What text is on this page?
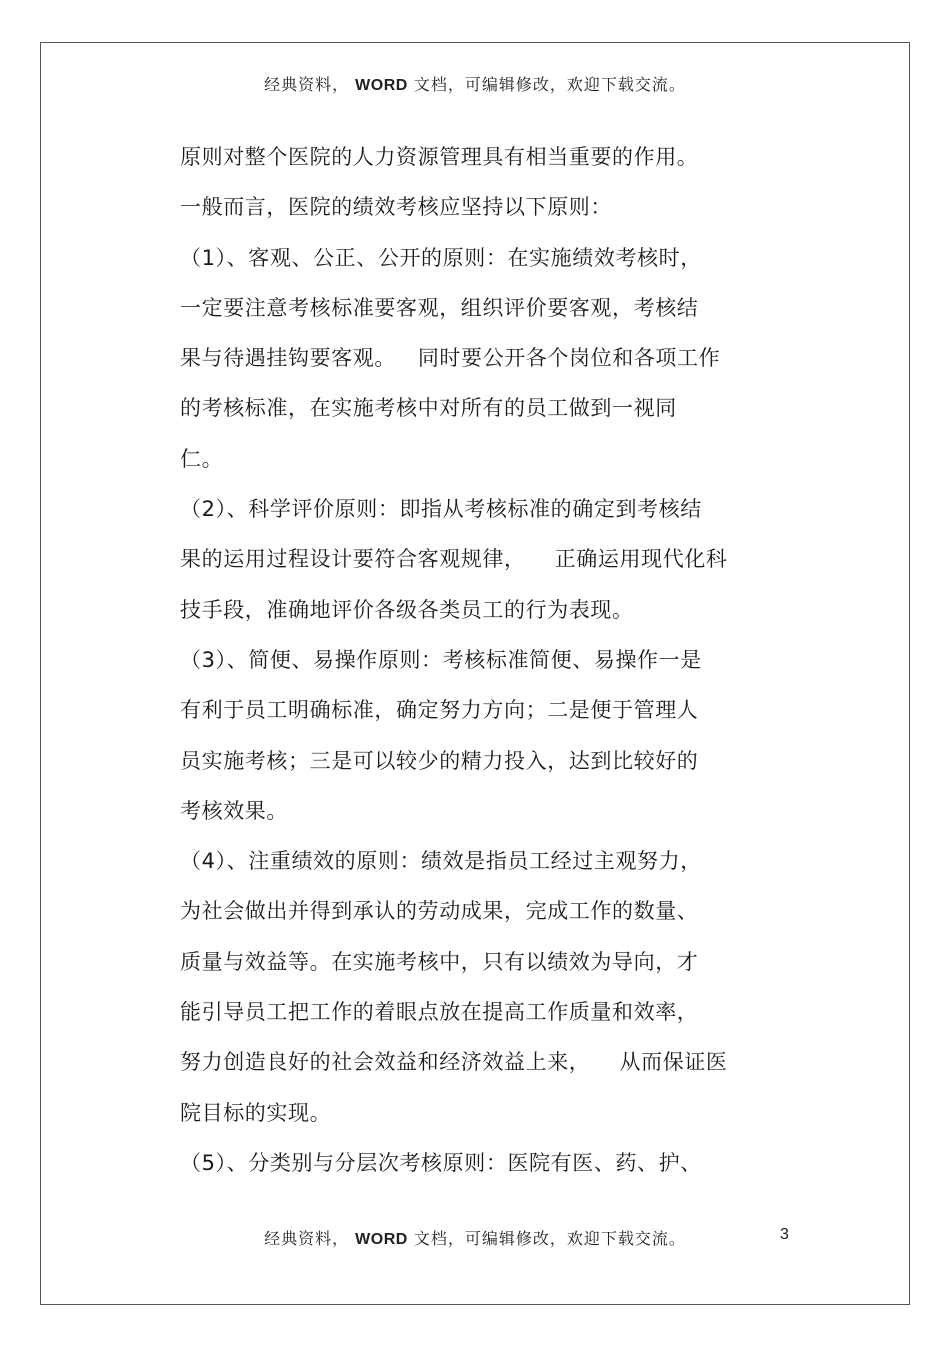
经典资料， WORD 文档，可编辑修改，欢迎下载交流。
原则对整个医院的人力资源管理具有相当重要的作用。
一般而言，医院的绩效考核应坚持以下原则：
（1）、客观、公正、公开的原则：在实施绩效考核时，
一定要注意考核标准要客观，组织评价要客观，考核结
果与待遇挂钩要客观。   同时要公开各个岗位和各项工作
的考核标准，在实施考核中对所有的员工做到一视同
仁。
（2）、科学评价原则：即指从考核标准的确定到考核结
果的运用过程设计要符合客观规律，    正确运用现代化科
技手段，准确地评价各级各类员工的行为表现。
（3）、简便、易操作原则：考核标准简便、易操作一是
有利于员工明确标准，确定努力方向；二是便于管理人
员实施考核；三是可以较少的精力投入，达到比较好的
考核效果。
（4）、注重绩效的原则：绩效是指员工经过主观努力，
为社会做出并得到承认的劳动成果，完成工作的数量、
质量与效益等。在实施考核中，只有以绩效为导向，才
能引导员工把工作的着眼点放在提高工作质量和效率，
努力创造良好的社会效益和经济效益上来，    从而保证医
院目标的实现。
（5）、分类别与分层次考核原则：医院有医、药、护、
经典资料， WORD 文档，可编辑修改，欢迎下载交流。	3
